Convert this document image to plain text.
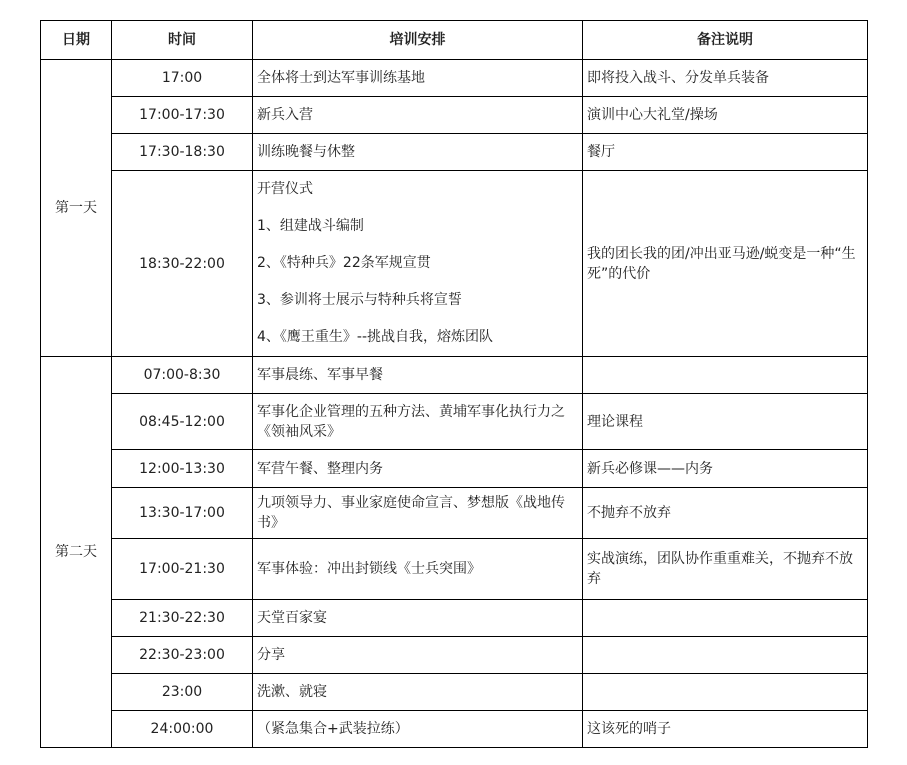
日期	时间	培训安排	备注说明
第一天	17:00	全体将士到达军事训练基地	即将投入战斗、分发单兵装备
	17:00-17:30	新兵入营	演训中心大礼堂/操场
	17:30-18:30	训练晚餐与休整	餐厅
	18:30-22:00	开营仪式
1、组建战斗编制
2、《特种兵》22条军规宣贯
3、参训将士展示与特种兵将宣誓
4、《鹰王重生》--挑战自我，熔炼团队	我的团长我的团/冲出亚马逊/蜕变是一种“生死”的代价
第二天	07:00-8:30	军事晨练、军事早餐	
	08:45-12:00	军事化企业管理的五种方法、黄埔军事化执行力之《领袖风采》	理论课程
	12:00-13:30	军营午餐、整理内务	新兵必修课——内务
	13:30-17:00	九项领导力、事业家庭使命宣言、梦想版《战地传书》	不抛弃不放弃
	17:00-21:30	军事体验：冲出封锁线《士兵突围》	实战演练，团队协作重重难关，不抛弃不放弃
	21:30-22:30	天堂百家宴	
	22:30-23:00	分享	
	23:00	洗漱、就寝	
	24:00:00	（紧急集合+武装拉练）	这该死的哨子
